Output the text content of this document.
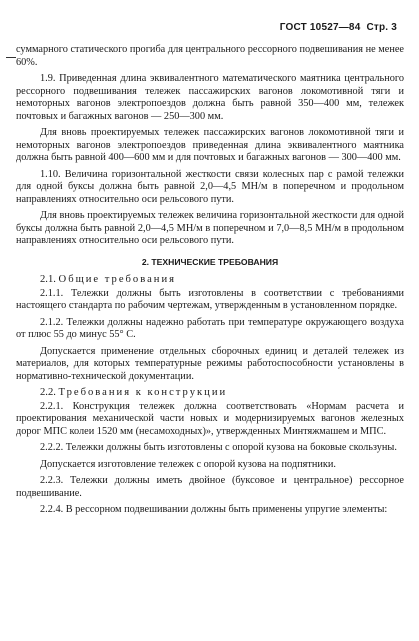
ГОСТ 10527—84 Стр. 3

суммарного статического прогиба для центрального рессорного подвешивания не менее 60%.

1.9. Приведенная длина эквивалентного математического маятника центрального рессорного подвешивания тележек пассажирских вагонов локомотивной тяги и немоторных вагонов электропоездов должна быть равной 350—400 мм, тележек почтовых и багажных вагонов — 250—300 мм.

Для вновь проектируемых тележек пассажирских вагонов локомотивной тяги и немоторных вагонов электропоездов приведенная длина эквивалентного маятника должна быть равной 400—600 мм и для почтовых и багажных вагонов — 300—400 мм.

1.10. Величина горизонтальной жесткости связи колесных пар с рамой тележки для одной буксы должна быть равной 2,0—4,5 МН/м в поперечном и продольном направлениях относительно оси рельсового пути.

Для вновь проектируемых тележек величина горизонтальной жесткости для одной буксы должна быть равной 2,0—4,5 МН/м в поперечном и 7,0—8,5 МН/м в продольном направлениях относительно оси рельсового пути.

2. ТЕХНИЧЕСКИЕ ТРЕБОВАНИЯ
2.1. Общие требования

2.1.1. Тележки должны быть изготовлены в соответствии с требованиями настоящего стандарта по рабочим чертежам, утвержденным в установленном порядке.

2.1.2. Тележки должны надежно работать при температуре окружающего воздуха от плюс 55 до минус 55° C.

Допускается применение отдельных сборочных единиц и деталей тележек из материалов, для которых температурные режимы работоспособности установлены в нормативно-технической документации.

2.2. Требования к конструкции

2.2.1. Конструкция тележек должна соответствовать «Нормам расчета и проектирования механической части новых и модернизируемых вагонов железных дорог МПС колеи 1520 мм (несамоходных)», утвержденных Минтяжмашем и МПС.

2.2.2. Тележки должны быть изготовлены с опорой кузова на боковые скользуны.

Допускается изготовление тележек с опорой кузова на подпятники.

2.2.3. Тележки должны иметь двойное (буксовое и центральное) рессорное подвешивание.

2.2.4. В рессорном подвешивании должны быть применены упругие элементы:
